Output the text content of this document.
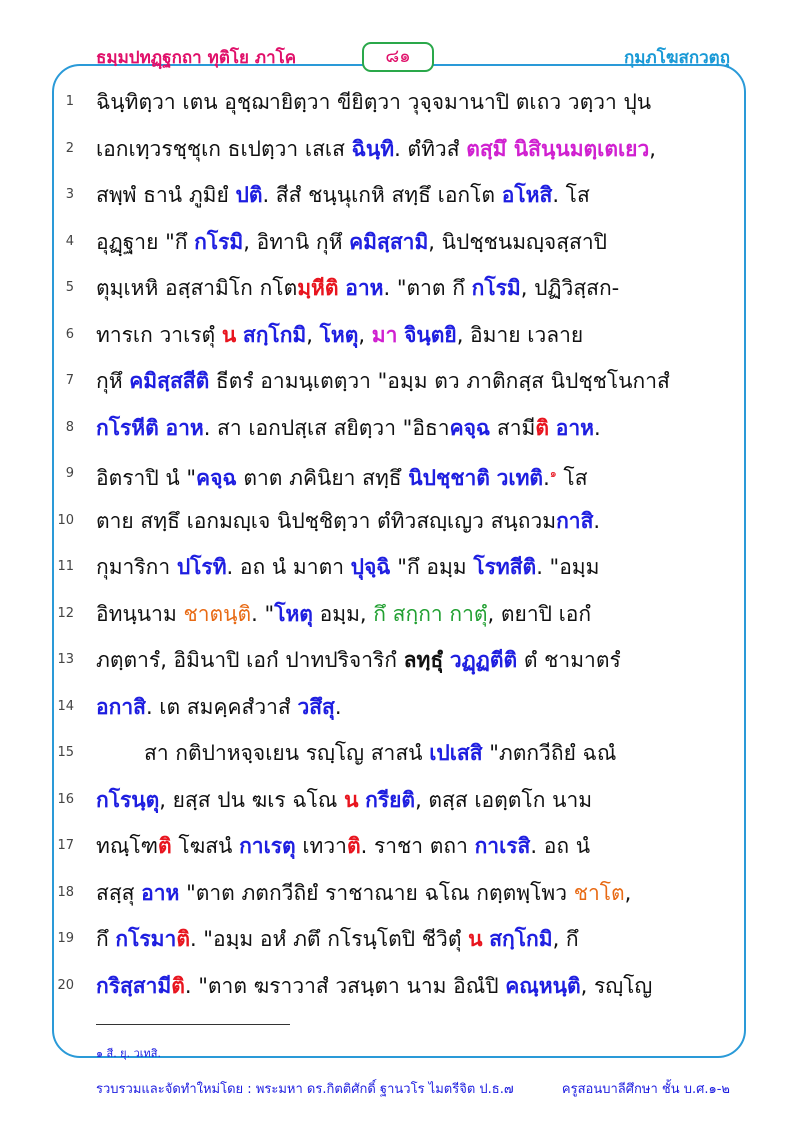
ธมฺมปทฏฺฐกถา ทุติโย ภาโค	๘๑	กุมฺภโฆสกวตฺถุ
1 ฉินฺทิตฺวา เตน อุชฺฌายิตฺวา ขียิตฺวา วุจฺจมานาปิ ตเถว วตฺวา ปุน
2 เอกเทฺวรชฺชุเก ธเปตฺวา เสเส ฉินฺทิ. ตํทิวสํ ตสฺมึ นิสินฺนมตฺเตเยว,
3 สพฺพํ ธานํ ภูมิยํ ปติ. สีสํ ชนฺนุเกหิ สทฺธึ เอกโต อโหสิ. โส
4 อุฏฺฐาย "กึ กโรมิ, อิทานิ กุหึ คมิสฺสามิ, นิปชฺชนมญฺจสฺสาปิ
5 ตุมฺเหหิ อสฺสามิโก กโตมฺหีติ อาห. "ตาต กึ กโรมิ, ปฏิวิสฺสก-
6 ทารเก วาเรตุํ น สกฺโกมิ, โหตุ, มา จินฺตยิ, อิมาย เวลาย
7 กุหึ คมิสฺสสีติ ธีตรํ อามนฺเตตฺวา "อมฺม ตว ภาติกสฺส นิปชฺชโนกาสํ
8 กโรหีติ อาห. สา เอกปสฺเส สยิตฺวา "อิธาคจฺฉ สามีติ อาห.
9 อิตราปิ นํ "คจฺฉ ตาต ภคินิยา สทฺธึ นิปชฺชาติ วเทติ.$^๑$ โส
10 ตาย สทฺธึ เอกมญฺเจ นิปชฺชิตฺวา ตํทิวสญฺเญว สนฺถวมกาสิ.
11 กุมาริกา ปโรทิ. อถ นํ มาตา ปุจฺฉิ "กึ อมฺม โรทสีติ. "อมฺม
12 อิทนฺนาม ชาตนฺติ. "โหตุ อมฺม, กึ สกฺกา กาตุํ, ตยาปิ เอกํ
13 ภตฺตารํ, อิมินาปิ เอกํ ปาทปริจาริกํ ลทฺธุํ วฏฺฏตีติ ตํ ชามาตรํ
14 อกาสิ. เต สมคฺคสํวาสํ วสึสุ.
15	สา กติปาหจฺจเยน รญฺโญ สาสนํ เปเสสิ "ภตกวีถิยํ ฉณํ
16 กโรนฺตุ, ยสฺส ปน ฆเร ฉโณ น กรียติ, ตสฺส เอตฺตโก นาม
17 ทณฺโฑติ โฆสนํ กาเรตุ เทวาติ. ราชา ตถา กาเรสิ. อถ นํ
18 สสฺสุ อาห "ตาต ภตกวีถิยํ ราชาณาย ฉโณ กตฺตพฺโพว ชาโต,
19 กึ กโรมาติ. "อมฺม อหํ ภตึ กโรนฺโตปิ ชีวิตุํ น สกฺโกมิ, กึ
20 กริสฺสามีติ. "ตาต ฆราวาสํ วสนฺตา นาม อิณํปิ คณฺหนฺติ, รญฺโญ
๑ สี. ยุ. วเทสิ.
รวบรวมและจัดทำใหม่โดย : พระมหา ดร.กิตติศักดิ์ ฐานวโร ไมตรีจิต ป.ธ.๗	ครูสอนบาลีศึกษา ชั้น บ.ศ.๑-๒
